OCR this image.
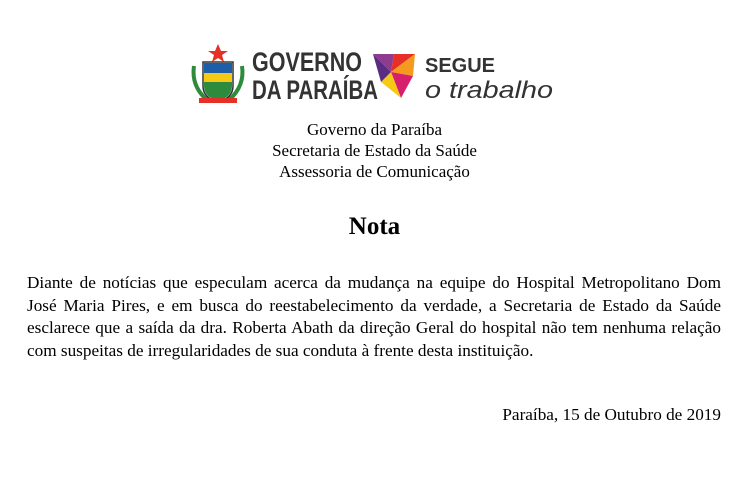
GOVERNO
DA PARAÍBA
SEGUE
o trabalho
Governo da Paraíba
Secretaria de Estado da Saúde
Assessoria de Comunicação
Nota
Diante de notícias que especulam acerca da mudança na equipe do Hospital Metropolitano Dom José Maria Pires, e em busca do reestabelecimento da verdade, a Secretaria de Estado da Saúde esclarece que a saída da dra. Roberta Abath da direção Geral do hospital não tem nenhuma relação com suspeitas de irregularidades de sua conduta à frente desta instituição.
Paraíba, 15 de Outubro de 2019
